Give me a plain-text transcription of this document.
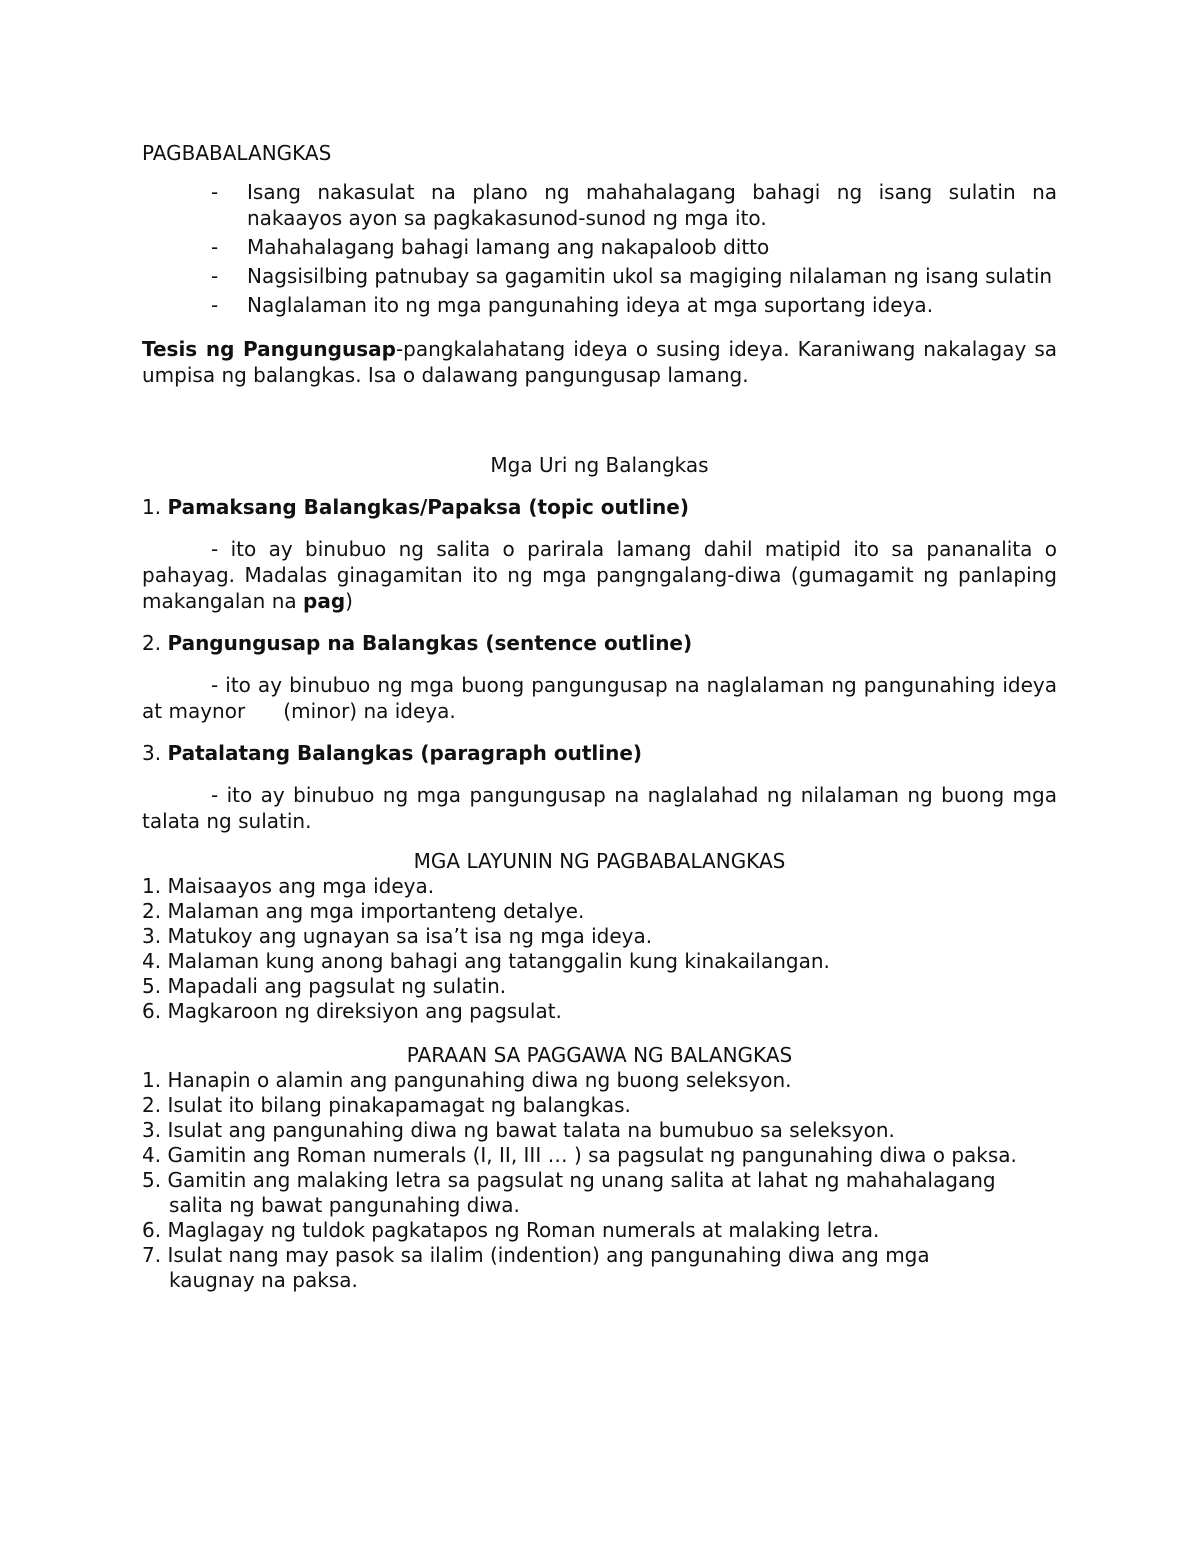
PAGBABALANGKAS

- Isang nakasulat na plano ng mahahalagang bahagi ng isang sulatin na nakaayos ayon sa pagkakasunod-sunod ng mga ito.
- Mahahalagang bahagi lamang ang nakapaloob ditto
- Nagsisilbing patnubay sa gagamitin ukol sa magiging nilalaman ng isang sulatin
- Naglalaman ito ng mga pangunahing ideya at mga suportang ideya.

Tesis ng Pangungusap-pangkalahatang ideya o susing ideya. Karaniwang nakalagay sa umpisa ng balangkas. Isa o dalawang pangungusap lamang.

Mga Uri ng Balangkas

1. Pamaksang Balangkas/Papaksa (topic outline)

- ito ay binubuo ng salita o parirala lamang dahil matipid ito sa pananalita o pahayag. Madalas ginagamitan ito ng mga pangngalang-diwa (gumagamit ng panlaping makangalan na pag)

2. Pangungusap na Balangkas (sentence outline)

- ito ay binubuo ng mga buong pangungusap na naglalaman ng pangunahing ideya at maynor      (minor) na ideya.

3. Patalatang Balangkas (paragraph outline)

- ito ay binubuo ng mga pangungusap na naglalahad ng nilalaman ng buong mga talata ng sulatin.

MGA LAYUNIN NG PAGBABALANGKAS

1. Maisaayos ang mga ideya.
2. Malaman ang mga importanteng detalye.
3. Matukoy ang ugnayan sa isa’t isa ng mga ideya.
4. Malaman kung anong bahagi ang tatanggalin kung kinakailangan.
5. Mapadali ang pagsulat ng sulatin.
6. Magkaroon ng direksiyon ang pagsulat.

PARAAN SA PAGGAWA NG BALANGKAS

1. Hanapin o alamin ang pangunahing diwa ng buong seleksyon.
2. Isulat ito bilang pinakapamagat ng balangkas.
3. Isulat ang pangunahing diwa ng bawat talata na bumubuo sa seleksyon.
4. Gamitin ang Roman numerals (I, II, III … ) sa pagsulat ng pangunahing diwa o paksa.
5. Gamitin ang malaking letra sa pagsulat ng unang salita at lahat ng mahahalagang
salita ng bawat pangunahing diwa.
6. Maglagay ng tuldok pagkatapos ng Roman numerals at malaking letra.
7. Isulat nang may pasok sa ilalim (indention) ang pangunahing diwa ang mga
kaugnay na paksa.
